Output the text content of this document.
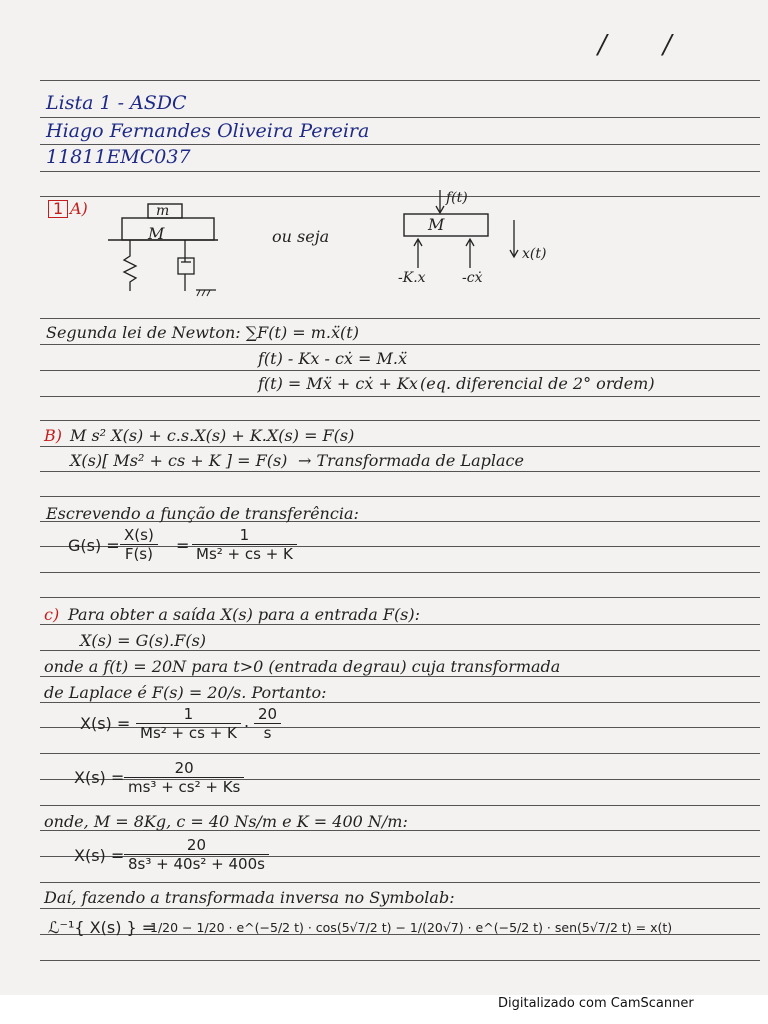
/ /
Lista 1 - ASDC
Hiago Fernandes Oliveira Pereira
11811EMC037
1 A)	m
M	ou seja
M
f(t)
x(t)
-K.x	-cẋ
Segunda lei de Newton: ∑F(t) = m.ẍ(t)
f(t) - Kx - cẋ = M.ẍ
f(t) = Mẍ + cẋ + Kx (eq. diferencial de 2° ordem)
B) M s² X(s) + c.s.X(s) + K.X(s) = F(s)
X(s)[ Ms² + cs + K ] = F(s) → Transformada de Laplace
Escrevendo a função de transferência:
$G(s) = \frac{X(s)}{F(s)} = \frac{1}{\text{Ms² + cs + K}}$
c) Para obter a saída X(s) para a entrada F(s):
X(s) = G(s).F(s)
onde a f(t) = 20N para t>0 (entrada degrau) cuja transformada
de Laplace é F(s) = 20/s. Portanto:
$X(s) = \frac{1}{\text{Ms² + cs + K}}$ . $\frac{20}{s}$
$X(s) = \frac{20}{\text{ms³ + cs² + Ks}}$
onde, M = 8Kg, c = 40 Ns/m e K = 400 N/m:
$X(s) = \frac{20}{\text{8s³ + 40s² + 400s}}$
Daí, fazendo a transformada inversa no Symbolab:
ℒ⁻¹{ X(s) } =
1/20 − 1/20 · e^(−5/2 t) · cos(5√7/2 t) − 1/(20√7) · e^(−5/2 t) · sen(5√7/2 t) = x(t)
Digitalizado com CamScanner
